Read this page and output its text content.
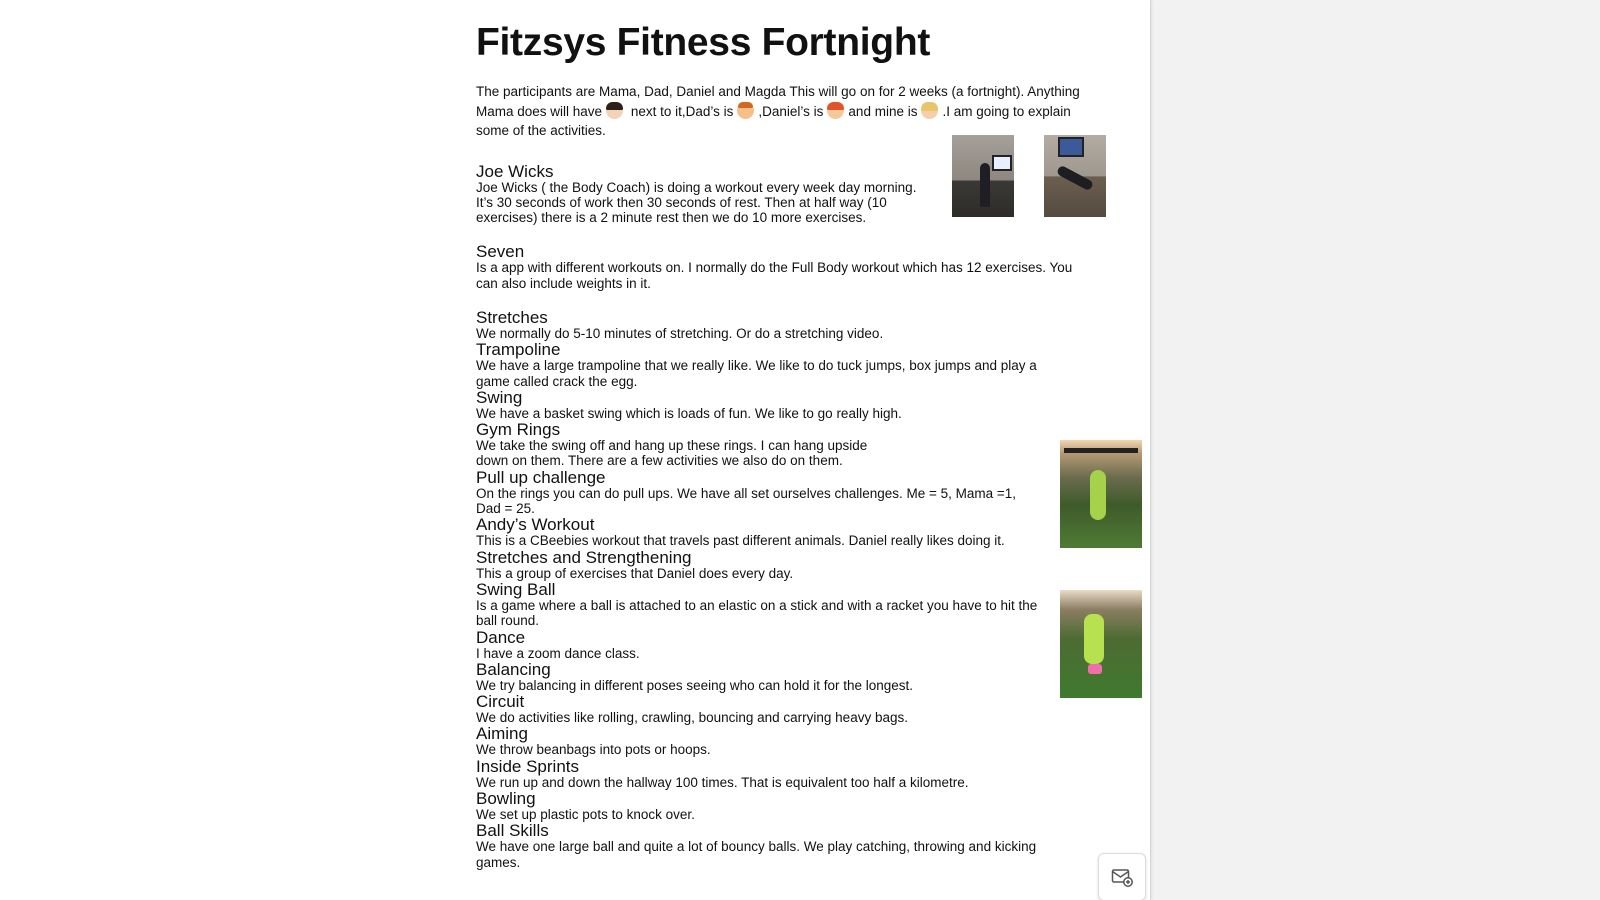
Fitzsys Fitness Fortnight

The participants are Mama, Dad, Daniel and Magda This will go on for 2 weeks (a fortnight). Anything Mama does will have next to it,Dad’s is ,Daniel’s is and mine is .I am going to explain some of the activities.

Joe Wicks
Joe Wicks ( the Body Coach) is doing a workout every week day morning. It’s 30 seconds of work then 30 seconds of rest. Then at half way (10 exercises) there is a 2 minute rest then we do 10 more exercises.
Seven
Is a app with different workouts on. I normally do the Full Body workout which has 12 exercises. You can also include weights in it.
Stretches
We normally do 5-10 minutes of stretching. Or do a stretching video.
Trampoline
We have a large trampoline that we really like. We like to do tuck jumps, box jumps and play a game called crack the egg.
Swing
We have a basket swing which is loads of fun. We like to go really high.
Gym Rings
We take the swing off and hang up these rings. I can hang upside down on them. There are a few activities we also do on them.
Pull up challenge
On the rings you can do pull ups. We have all set ourselves challenges. Me = 5, Mama =1, Dad = 25.
Andy’s Workout
This is a CBeebies workout that travels past different animals. Daniel really likes doing it.
Stretches and Strengthening
This a group of exercises that Daniel does every day.
Swing Ball
Is a game where a ball is attached to an elastic on a stick and with a racket you have to hit the ball round.
Dance
I have a zoom dance class.
Balancing
We try balancing in different poses seeing who can hold it for the longest.
Circuit
We do activities like rolling, crawling, bouncing and carrying heavy bags.
Aiming
We throw beanbags into pots or hoops.
Inside Sprints
We run up and down the hallway 100 times. That is equivalent too half a kilometre.
Bowling
We set up plastic pots to knock over.
Ball Skills
We have one large ball and quite a lot of bouncy balls. We play catching, throwing and kicking games.
